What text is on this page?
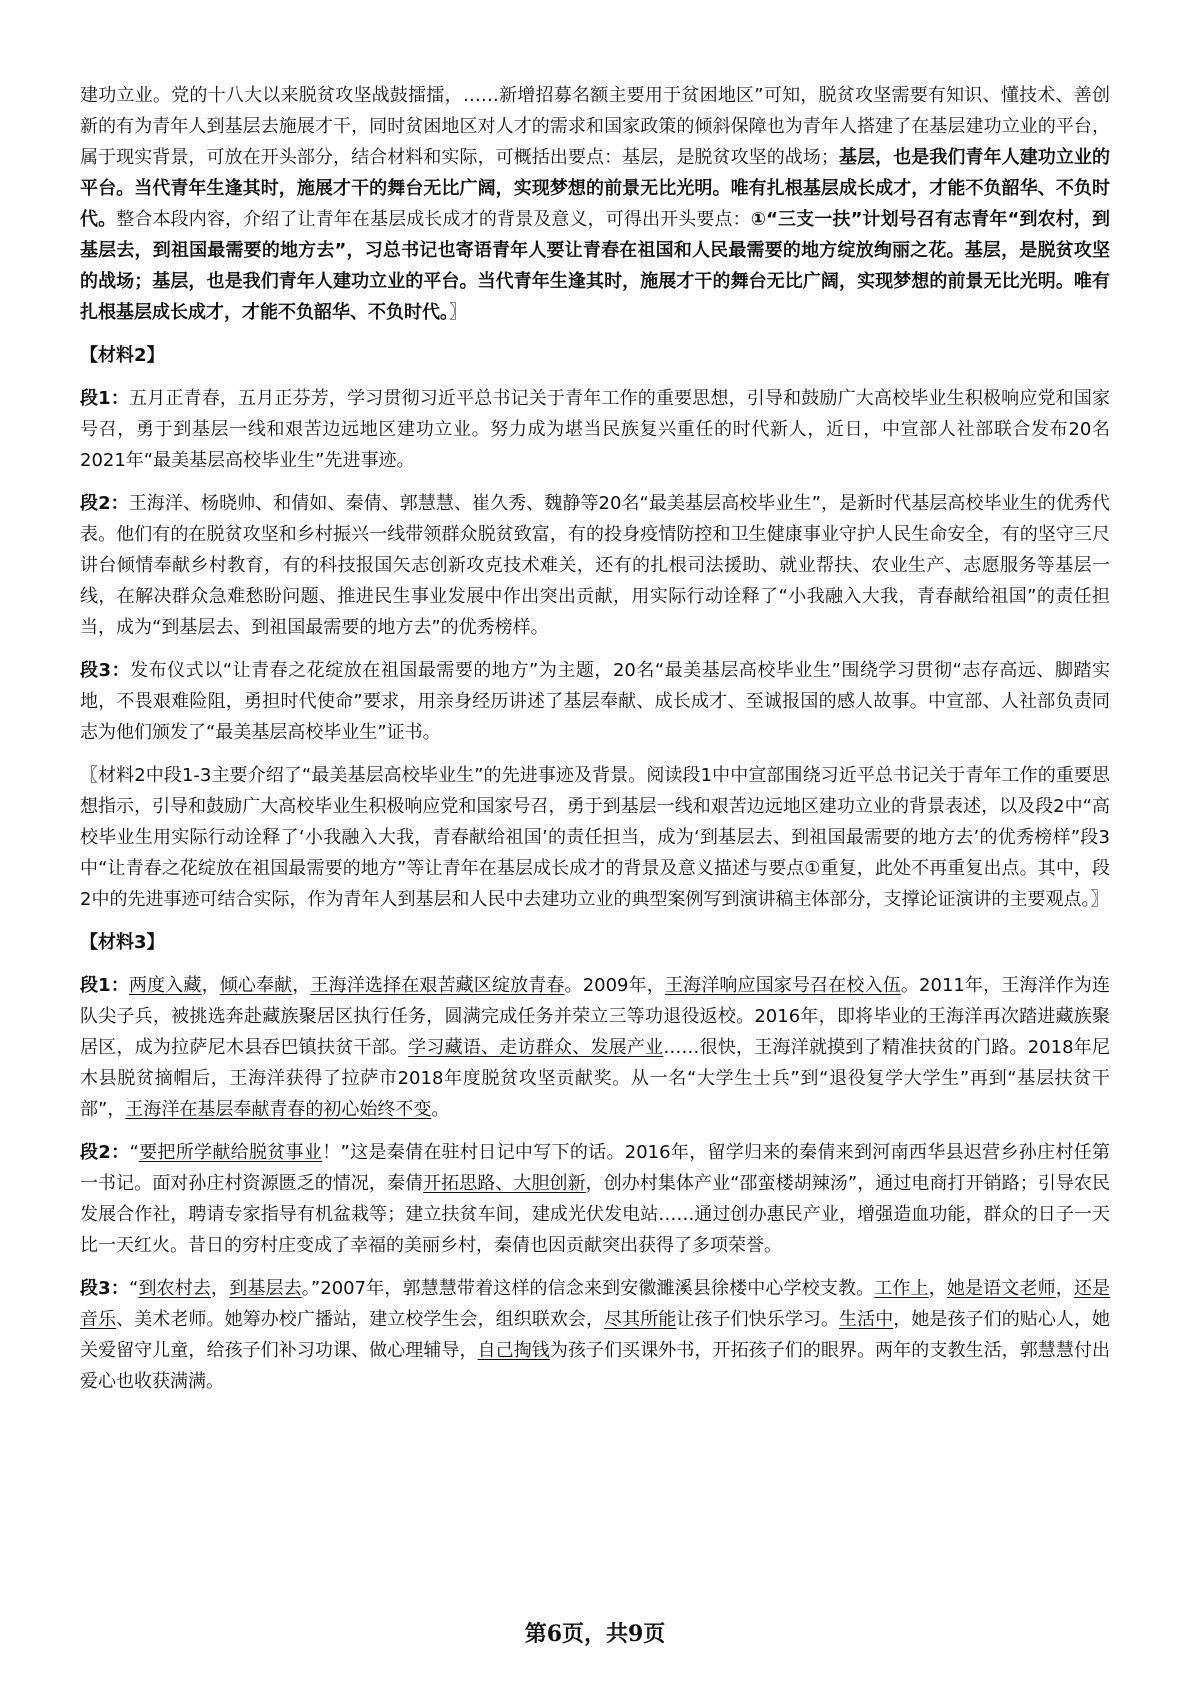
建功立业。党的十八大以来脱贫攻坚战鼓擂擂，……新增招募名额主要用于贫困地区”可知，脱贫攻坚需要有知识、懂技术、善创新的有为青年人到基层去施展才干，同时贫困地区对人才的需求和国家政策的倾斜保障也为青年人搭建了在基层建功立业的平台，属于现实背景，可放在开头部分，结合材料和实际，可概括出要点：基层，是脱贫攻坚的战场；基层，也是我们青年人建功立业的平台。当代青年生逢其时，施展才干的舞台无比广阔，实现梦想的前景无比光明。唯有扎根基层成长成才，才能不负韶华、不负时代。整合本段内容，介绍了让青年在基层成长成才的背景及意义，可得出开头要点：①“三支一扶”计划号召有志青年“到农村，到基层去，到祖国最需要的地方去”，习总书记也寄语青年人要让青春在祖国和人民最需要的地方绽放绚丽之花。基层，是脱贫攻坚的战场；基层，也是我们青年人建功立业的平台。当代青年生逢其时，施展才干的舞台无比广阔，实现梦想的前景无比光明。唯有扎根基层成长成才，才能不负韶华、不负时代。〗

【材料2】

段1：五月正青春，五月正芬芳，学习贯彻习近平总书记关于青年工作的重要思想，引导和鼓励广大高校毕业生积极响应党和国家号召，勇于到基层一线和艰苦边远地区建功立业。努力成为堪当民族复兴重任的时代新人，近日，中宣部人社部联合发布20名2021年“最美基层高校毕业生”先进事迹。

段2：王海洋、杨晓帅、和倩如、秦倩、郭慧慧、崔久秀、魏静等20名“最美基层高校毕业生”，是新时代基层高校毕业生的优秀代表。他们有的在脱贫攻坚和乡村振兴一线带领群众脱贫致富，有的投身疫情防控和卫生健康事业守护人民生命安全，有的坚守三尺讲台倾情奉献乡村教育，有的科技报国矢志创新攻克技术难关，还有的扎根司法援助、就业帮扶、农业生产、志愿服务等基层一线，在解决群众急难愁盼问题、推进民生事业发展中作出突出贡献，用实际行动诠释了“小我融入大我，青春献给祖国”的责任担当，成为“到基层去、到祖国最需要的地方去”的优秀榜样。

段3：发布仪式以“让青春之花绽放在祖国最需要的地方”为主题，20名“最美基层高校毕业生”围绕学习贯彻“志存高远、脚踏实地，不畏艰难险阻，勇担时代使命”要求，用亲身经历讲述了基层奉献、成长成才、至诚报国的感人故事。中宣部、人社部负责同志为他们颁发了“最美基层高校毕业生”证书。

〖材料2中段1-3主要介绍了“最美基层高校毕业生”的先进事迹及背景。阅读段1中中宣部围绕习近平总书记关于青年工作的重要思想指示，引导和鼓励广大高校毕业生积极响应党和国家号召，勇于到基层一线和艰苦边远地区建功立业的背景表述，以及段2中“高校毕业生用实际行动诠释了‘小我融入大我，青春献给祖国’的责任担当，成为‘到基层去、到祖国最需要的地方去’的优秀榜样”段3中“让青春之花绽放在祖国最需要的地方”等让青年在基层成长成才的背景及意义描述与要点①重复，此处不再重复出点。其中，段2中的先进事迹可结合实际，作为青年人到基层和人民中去建功立业的典型案例写到演讲稿主体部分，支撑论证演讲的主要观点。〗

【材料3】

段1：两度入藏，倾心奉献，王海洋选择在艰苦藏区绽放青春。2009年，王海洋响应国家号召在校入伍。2011年，王海洋作为连队尖子兵，被挑选奔赴藏族聚居区执行任务，圆满完成任务并荣立三等功退役返校。2016年，即将毕业的王海洋再次踏进藏族聚居区，成为拉萨尼木县吞巴镇扶贫干部。学习藏语、走访群众、发展产业……很快，王海洋就摸到了精准扶贫的门路。2018年尼木县脱贫摘帽后，王海洋获得了拉萨市2018年度脱贫攻坚贡献奖。从一名“大学生士兵”到“退役复学大学生”再到“基层扶贫干部”，王海洋在基层奉献青春的初心始终不变。

段2：“要把所学献给脱贫事业！”这是秦倩在驻村日记中写下的话。2016年，留学归来的秦倩来到河南西华县迟营乡孙庄村任第一书记。面对孙庄村资源匮乏的情况，秦倩开拓思路、大胆创新，创办村集体产业“邵蛮楼胡辣汤”，通过电商打开销路；引导农民发展合作社，聘请专家指导有机盆栽等；建立扶贫车间，建成光伏发电站……通过创办惠民产业，增强造血功能，群众的日子一天比一天红火。昔日的穷村庄变成了幸福的美丽乡村，秦倩也因贡献突出获得了多项荣誉。

段3：“到农村去，到基层去。”2007年，郭慧慧带着这样的信念来到安徽濉溪县徐楼中心学校支教。工作上，她是语文老师，还是音乐、美术老师。她筹办校广播站，建立校学生会，组织联欢会，尽其所能让孩子们快乐学习。生活中，她是孩子们的贴心人，她关爱留守儿童，给孩子们补习功课、做心理辅导，自己掏钱为孩子们买课外书，开拓孩子们的眼界。两年的支教生活，郭慧慧付出爱心也收获满满。

第6页，共9页
